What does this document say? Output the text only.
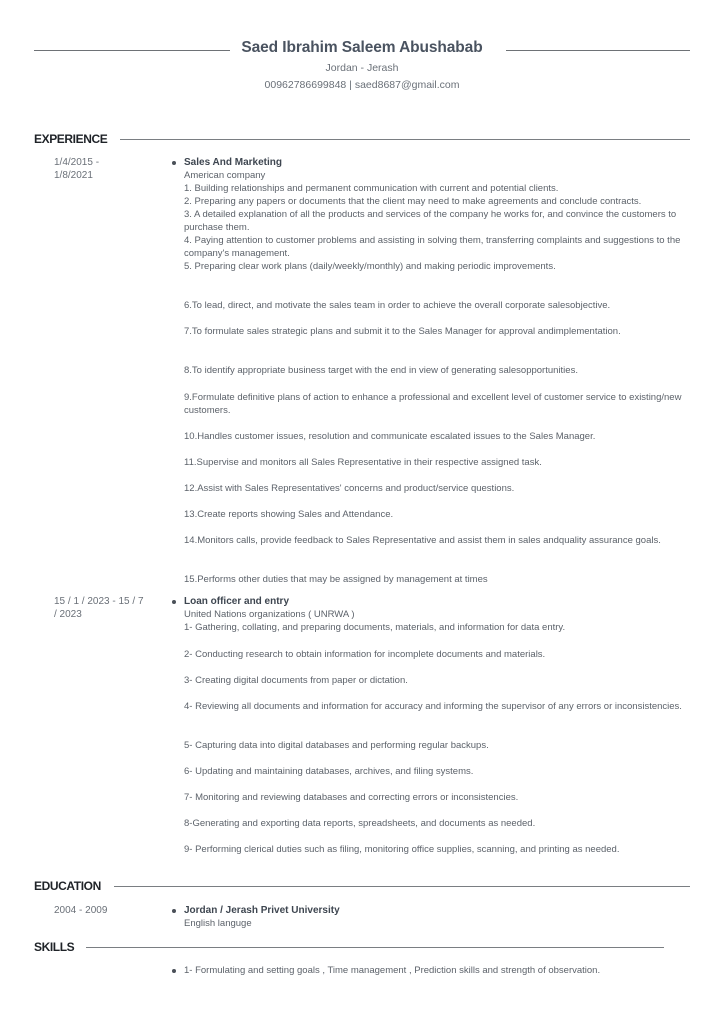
Saed Ibrahim Saleem Abushabab
Jordan - Jerash
00962786699848 | saed8687@gmail.com
EXPERIENCE
1/4/2015 - 1/8/2021
Sales And Marketing
American company
1. Building relationships and permanent communication with current and potential clients.
2. Preparing any papers or documents that the client may need to make agreements and conclude contracts.
3. A detailed explanation of all the products and services of the company he works for, and convince the customers to purchase them.
4. Paying attention to customer problems and assisting in solving them, transferring complaints and suggestions to the company's management.
5. Preparing clear work plans (daily/weekly/monthly) and making periodic improvements.
6.To lead, direct, and motivate the sales team in order to achieve the overall corporate salesobjective.
7.To formulate sales strategic plans and submit it to the Sales Manager for approval andimplementation.
8.To identify appropriate business target with the end in view of generating salesopportunities.
9.Formulate definitive plans of action to enhance a professional and excellent level of customer service to existing/new customers.
10.Handles customer issues, resolution and communicate escalated issues to the Sales Manager.
11.Supervise and monitors all Sales Representative in their respective assigned task.
12.Assist with Sales Representatives' concerns and product/service questions.
13.Create reports showing Sales and Attendance.
14.Monitors calls, provide feedback to Sales Representative and assist them in sales andquality assurance goals.
15.Performs other duties that may be assigned by management at times
15 / 1 / 2023 - 15 / 7 / 2023
Loan officer and entry
United Nations organizations ( UNRWA )
1- Gathering, collating, and preparing documents, materials, and information for data entry.
2- Conducting research to obtain information for incomplete documents and materials.
3- Creating digital documents from paper or dictation.
4- Reviewing all documents and information for accuracy and informing the supervisor of any errors or inconsistencies.
5- Capturing data into digital databases and performing regular backups.
6- Updating and maintaining databases, archives, and filing systems.
7- Monitoring and reviewing databases and correcting errors or inconsistencies.
8-Generating and exporting data reports, spreadsheets, and documents as needed.
9- Performing clerical duties such as filing, monitoring office supplies, scanning, and printing as needed.
EDUCATION
2004 - 2009	Jordan / Jerash Privet University
English languge
SKILLS
1- Formulating and setting goals , Time management , Prediction skills and strength of observation.
